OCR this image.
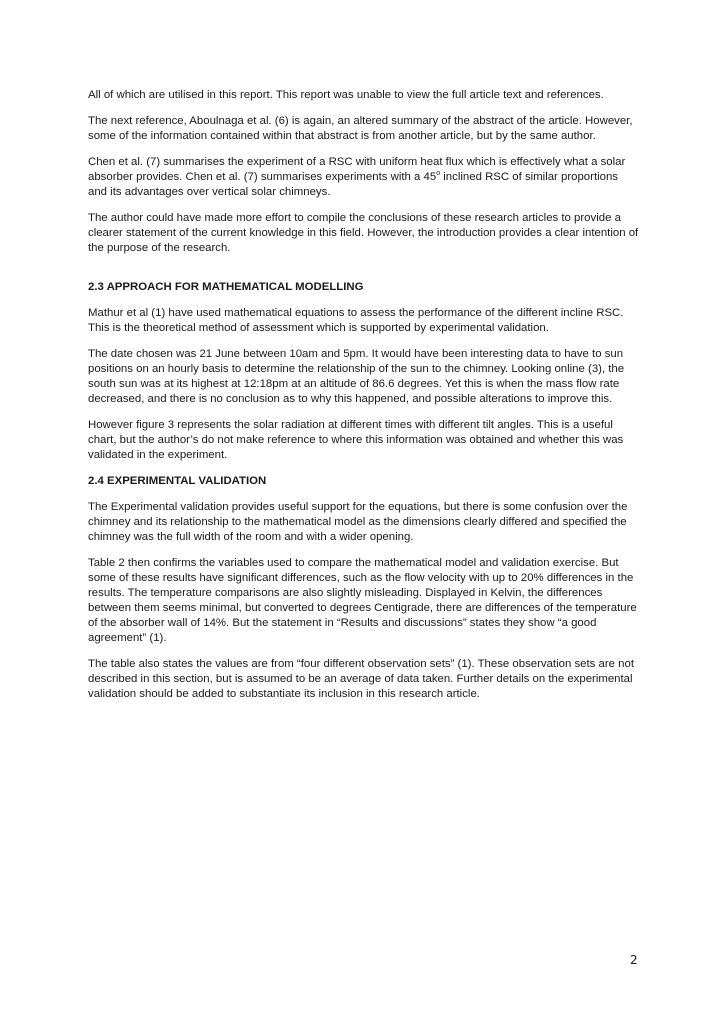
All of which are utilised in this report. This report was unable to view the full article text and references.

The next reference, Aboulnaga et al. (6) is again, an altered summary of the abstract of the article. However, some of the information contained within that abstract is from another article, but by the same author.

Chen et al. (7) summarises the experiment of a RSC with uniform heat flux which is effectively what a solar absorber provides. Chen et al. (7) summarises experiments with a 45$^o$ inclined RSC of similar proportions and its advantages over vertical solar chimneys.

The author could have made more effort to compile the conclusions of these research articles to provide a clearer statement of the current knowledge in this field. However, the introduction provides a clear intention of the purpose of the research.

2.3 APPROACH FOR MATHEMATICAL MODELLING

Mathur et al (1) have used mathematical equations to assess the performance of the different incline RSC. This is the theoretical method of assessment which is supported by experimental validation.

The date chosen was 21 June between 10am and 5pm. It would have been interesting data to have to sun positions on an hourly basis to determine the relationship of the sun to the chimney. Looking online (3), the south sun was at its highest at 12:18pm at an altitude of 86.6 degrees. Yet this is when the mass flow rate decreased, and there is no conclusion as to why this happened, and possible alterations to improve this.

However figure 3 represents the solar radiation at different times with different tilt angles. This is a useful chart, but the author’s do not make reference to where this information was obtained and whether this was validated in the experiment.

2.4 EXPERIMENTAL VALIDATION

The Experimental validation provides useful support for the equations, but there is some confusion over the chimney and its relationship to the mathematical model as the dimensions clearly differed and specified the chimney was the full width of the room and with a wider opening.

Table 2 then confirms the variables used to compare the mathematical model and validation exercise. But some of these results have significant differences, such as the flow velocity with up to 20% differences in the results. The temperature comparisons are also slightly misleading. Displayed in Kelvin, the differences between them seems minimal, but converted to degrees Centigrade, there are differences of the temperature of the absorber wall of 14%. But the statement in “Results and discussions” states they show “a good agreement” (1).

The table also states the values are from “four different observation sets” (1). These observation sets are not described in this section, but is assumed to be an average of data taken. Further details on the experimental validation should be added to substantiate its inclusion in this research article.

2
